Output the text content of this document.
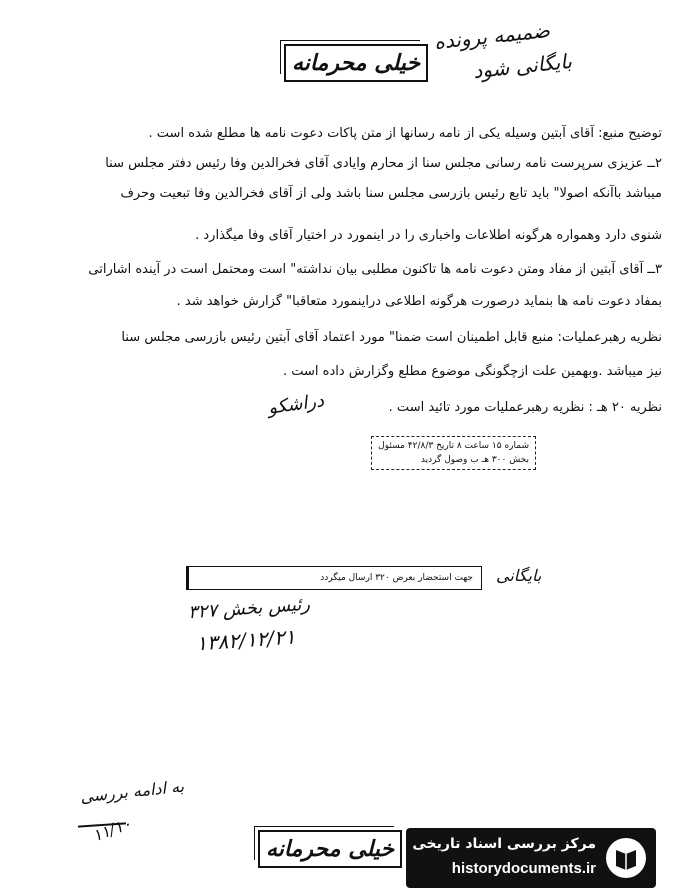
خیلی محرمانه
ضمیمه پرونده
بایگانی شود
توضیح منبع: آقای آبتین وسیله یکی از نامه رسانها از متن پاکات دعوت نامه ها مطلع شده است .
۲ــ عزیزی سرپرست نامه رسانی مجلس سنا از محارم وایادی آقای فخرالدین وفا رئیس دفتر مجلس سنا
میباشد باآنکه اصولا" باید تابع رئیس بازرسی مجلس سنا باشد ولی از آقای فخرالدین وفا تبعیت وحرف
شنوی دارد وهمواره هرگونه اطلاعات واخباری را در اینمورد در اختیار آقای وفا میگذارد .
۳ــ آقای آبتین از مفاد ومتن دعوت نامه ها تاکنون مطلبی بیان نداشته" است ومحتمل است در آینده اشاراتی
بمفاد دعوت نامه ها بنماید درصورت هرگونه اطلاعی دراینمورد متعاقبا" گزارش خواهد شد .
نظریه رهبرعملیات: منبع قابل اطمینان است ضمنا" مورد اعتماد آقای آبتین رئیس بازرسی مجلس سنا
نیز میباشد .وبهمین علت ازچگونگی موضوع مطلع وگزارش داده است .
نظریه ۲۰ هـ : نظریه رهبرعملیات مورد تائید است .
دراشکو
شماره ۱۵ ساعت ۸ تاریخ ۴۲/۸/۳ مسئول
بخش ۳۰۰ هـ ب وصول گردید
جهت استحضار بعرض ۳۲۰ ارسال میگردد	بایگانی
رئیس بخش ۳۲۷
۱۳۸۲/۱۲/۲۱
به ادامه بررسی
۱۱/۱۰
خیلی محرمانه	مرکز بررسی اسناد تاریخی
historydocuments.ir
